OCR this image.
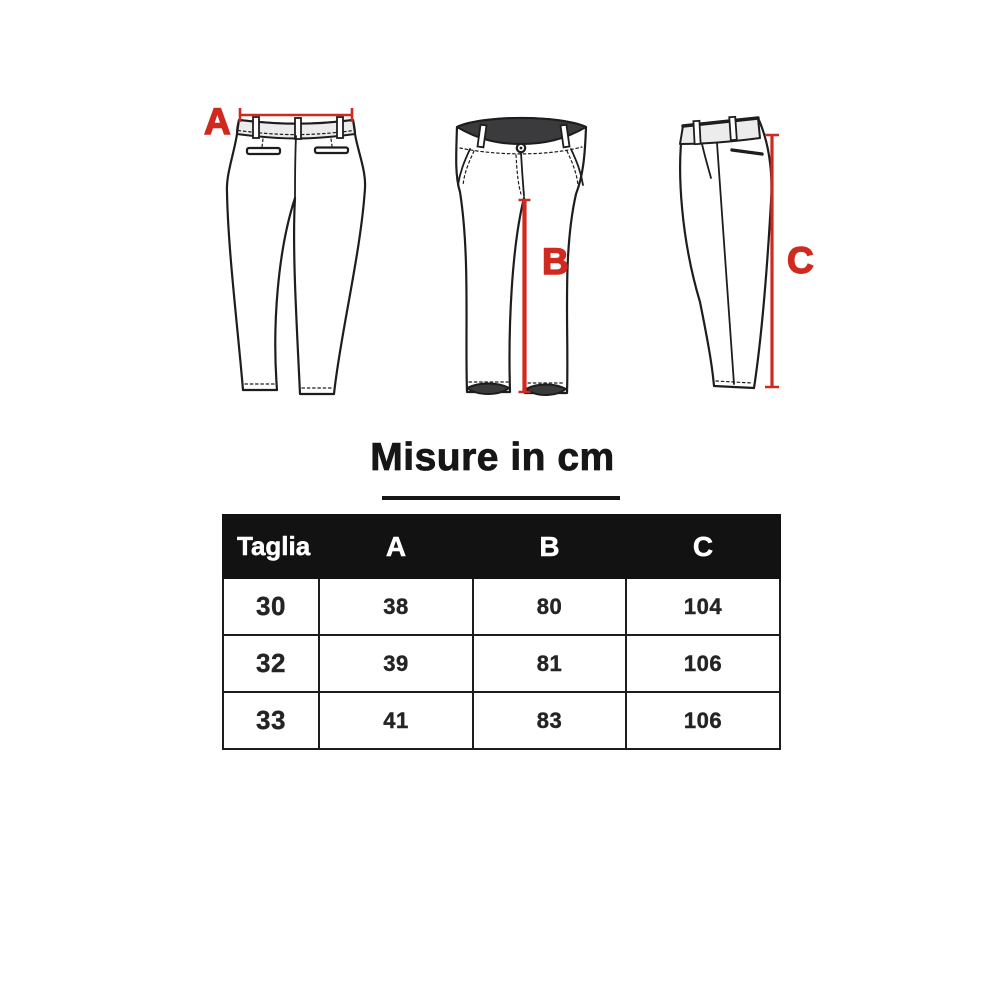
A
B	C
Misure in cm
Taglia	A	B	C
30	38	80	104
32	39	81	106
33	41	83	106
